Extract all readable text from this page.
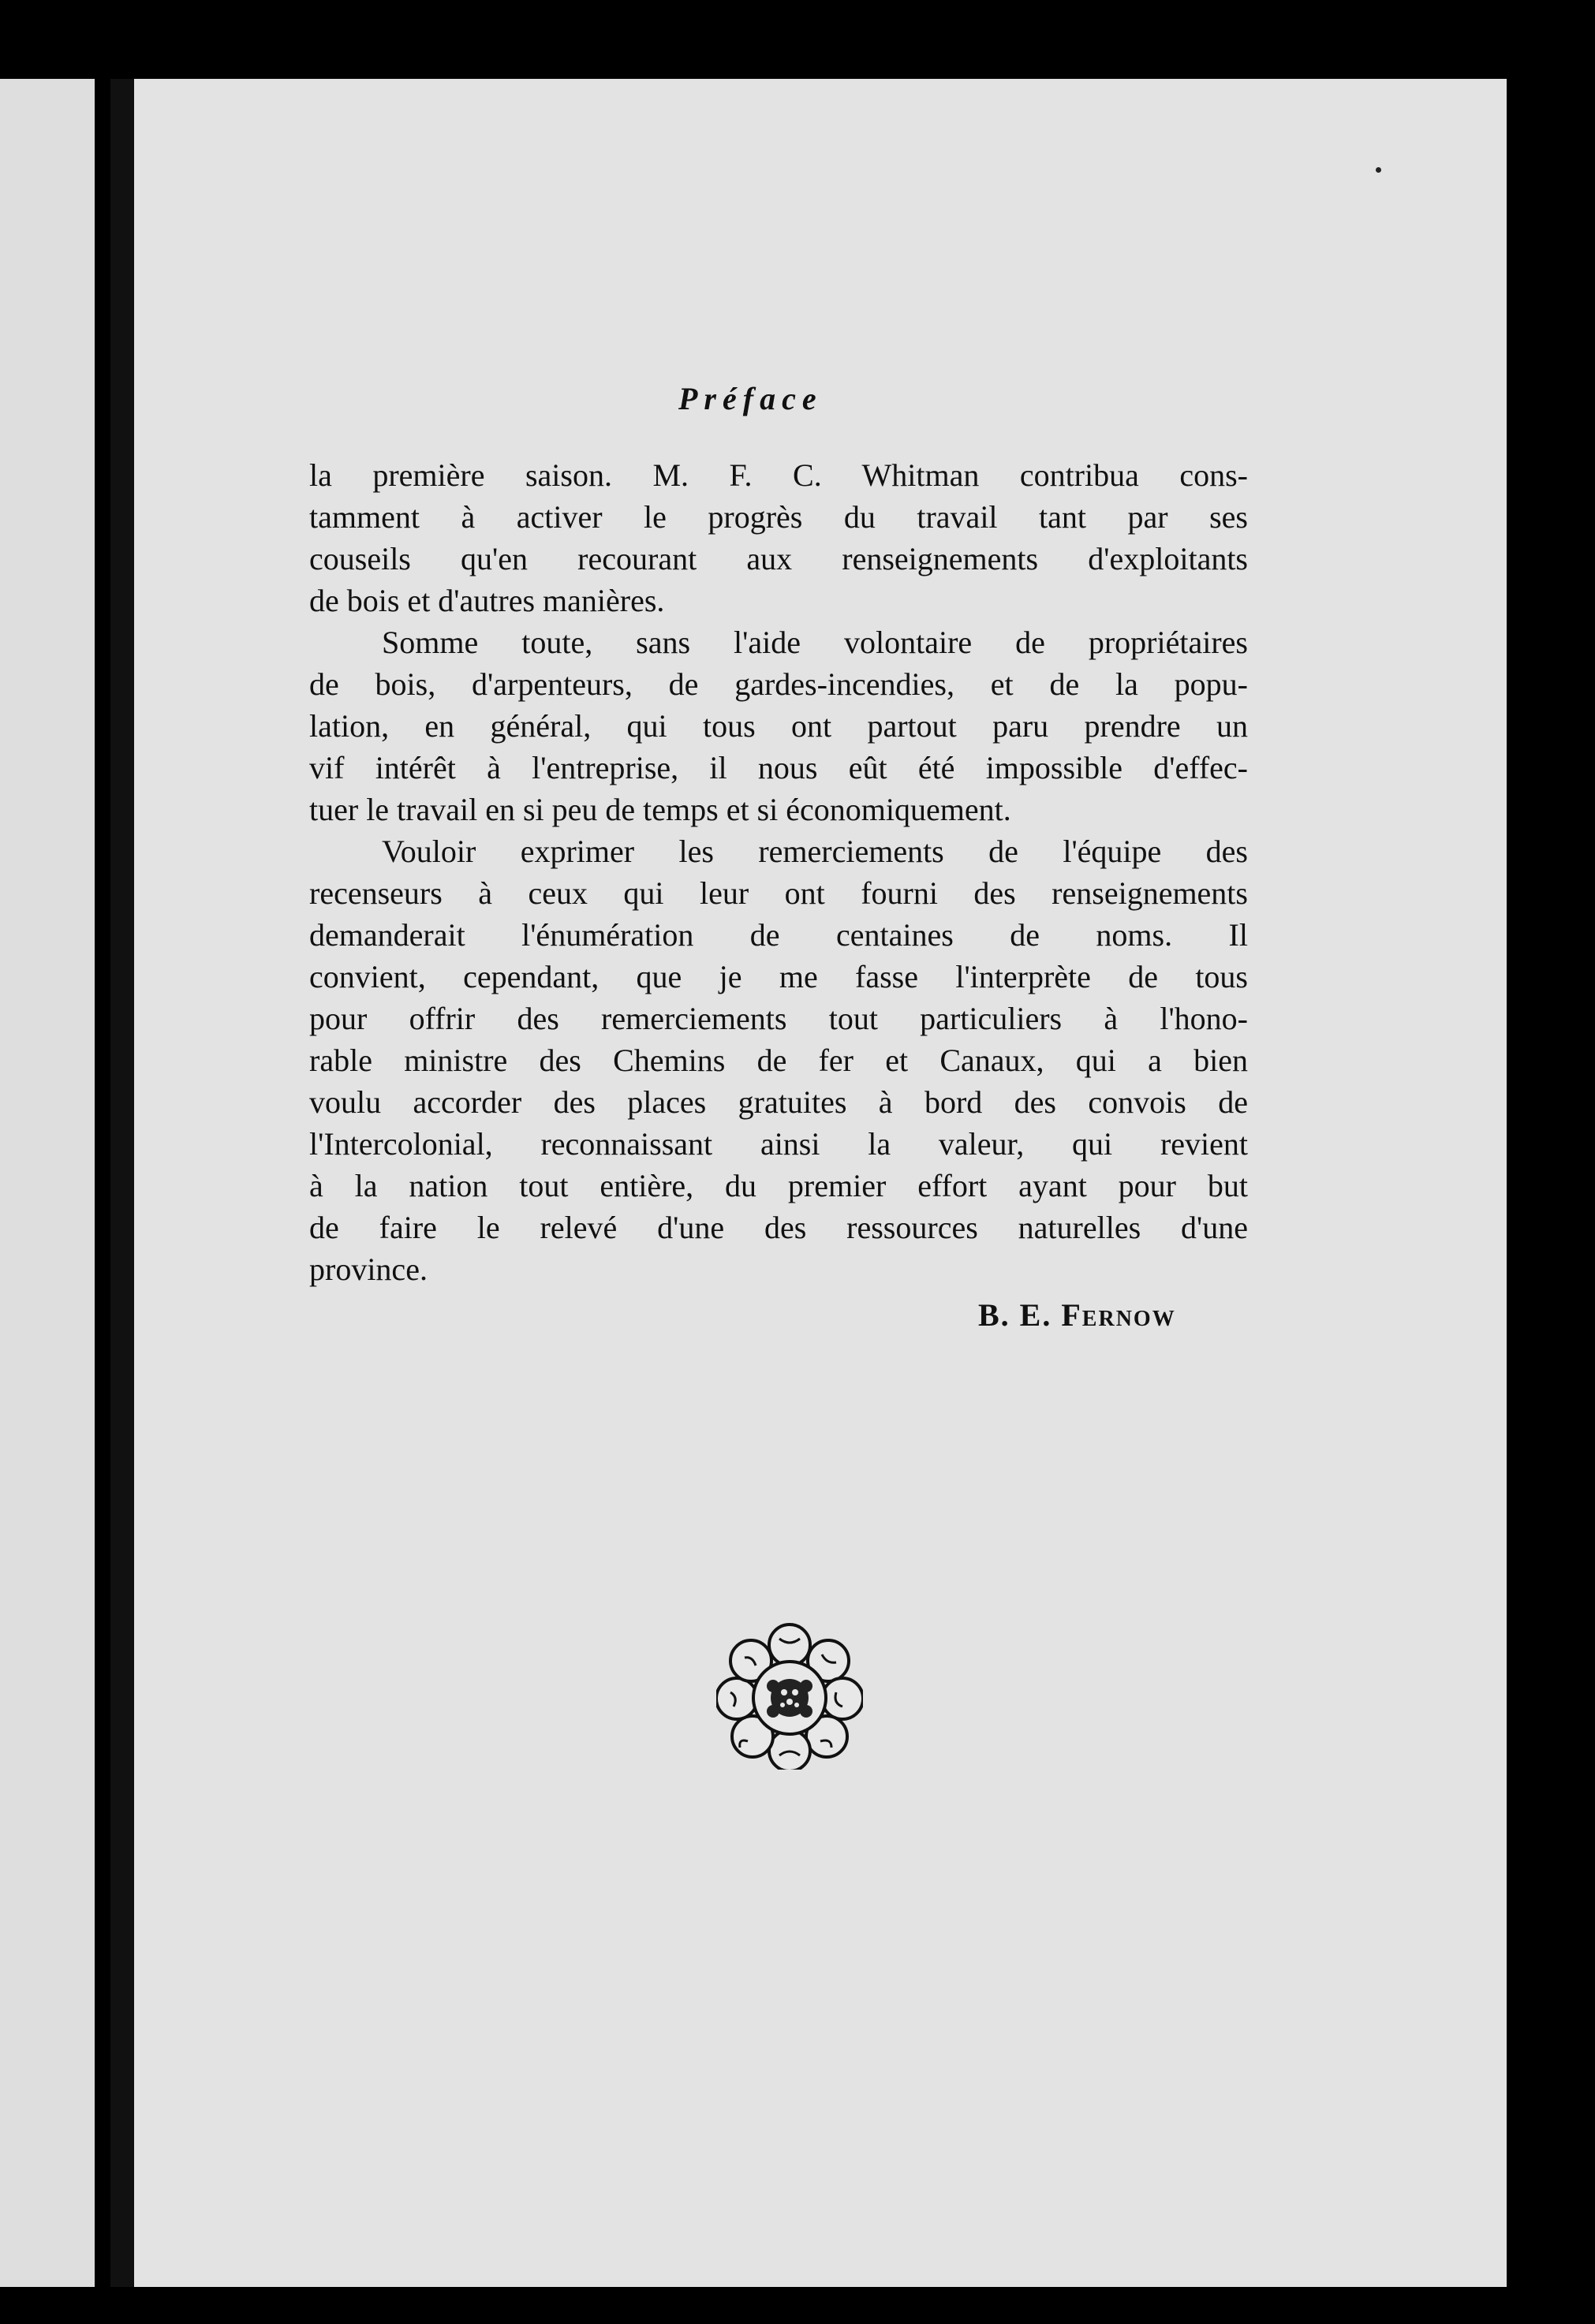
Préface
la première saison. M. F. C. Whitman contribua cons-
tamment à activer le progrès du travail tant par ses
couseils qu'en recourant aux renseignements d'exploitants
de bois et d'autres manières.
Somme toute, sans l'aide volontaire de propriétaires
de bois, d'arpenteurs, de gardes-incendies, et de la popu-
lation, en général, qui tous ont partout paru prendre un
vif intérêt à l'entreprise, il nous eût été impossible d'effec-
tuer le travail en si peu de temps et si économiquement.
Vouloir exprimer les remerciements de l'équipe des
recenseurs à ceux qui leur ont fourni des renseignements
demanderait l'énumération de centaines de noms. Il
convient, cependant, que je me fasse l'interprète de tous
pour offrir des remerciements tout particuliers à l'hono-
rable ministre des Chemins de fer et Canaux, qui a bien
voulu accorder des places gratuites à bord des convois de
l'Intercolonial, reconnaissant ainsi la valeur, qui revient
à la nation tout entière, du premier effort ayant pour but
de faire le relevé d'une des ressources naturelles d'une
province.
B. E. Fernow
